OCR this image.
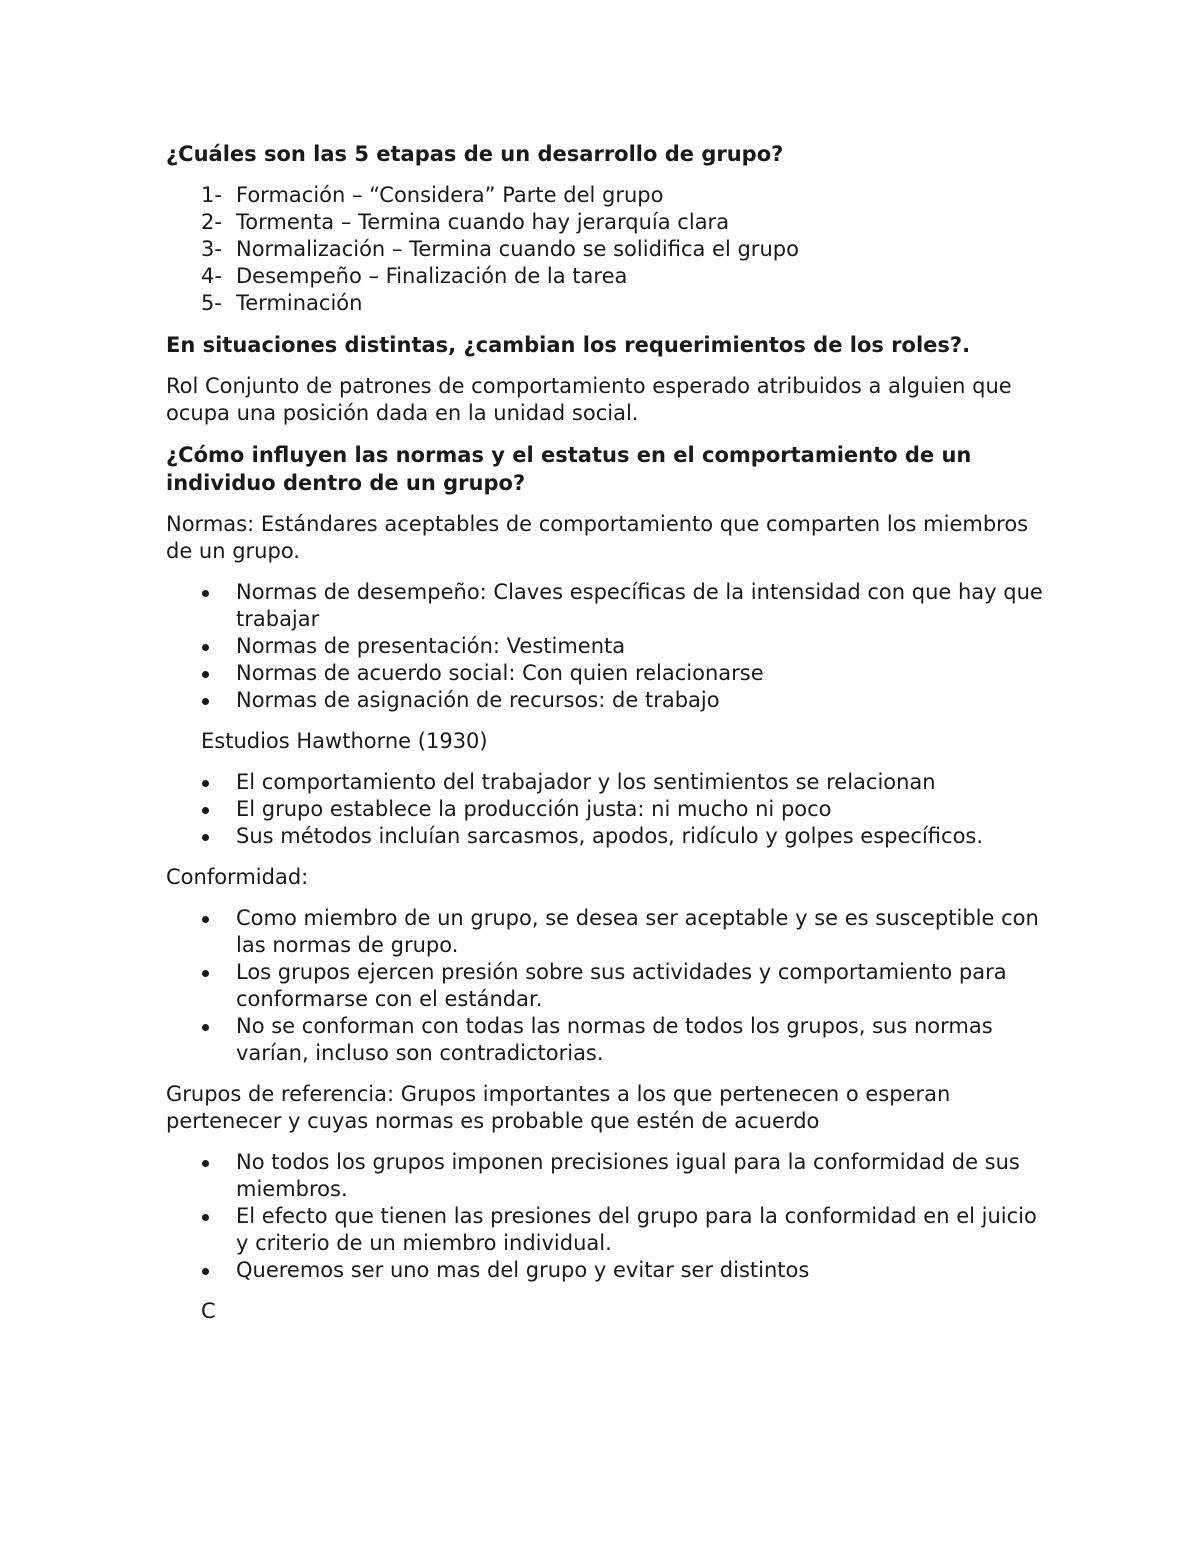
¿Cuáles son las 5 etapas de un desarrollo de grupo?

1- Formación – “Considera” Parte del grupo
2- Tormenta – Termina cuando hay jerarquía clara
3- Normalización – Termina cuando se solidifica el grupo
4- Desempeño – Finalización de la tarea
5- Terminación

En situaciones distintas, ¿cambian los requerimientos de los roles?.

Rol Conjunto de patrones de comportamiento esperado atribuidos a alguien que ocupa una posición dada en la unidad social.

¿Cómo influyen las normas y el estatus en el comportamiento de un individuo dentro de un grupo?

Normas: Estándares aceptables de comportamiento que comparten los miembros de un grupo.

Normas de desempeño: Claves específicas de la intensidad con que hay que trabajar
Normas de presentación: Vestimenta
Normas de acuerdo social: Con quien relacionarse
Normas de asignación de recursos: de trabajo

Estudios Hawthorne (1930)

El comportamiento del trabajador y los sentimientos se relacionan
El grupo establece la producción justa: ni mucho ni poco
Sus métodos incluían sarcasmos, apodos, ridículo y golpes específicos.

Conformidad:

Como miembro de un grupo, se desea ser aceptable y se es susceptible con las normas de grupo.
Los grupos ejercen presión sobre sus actividades y comportamiento para conformarse con el estándar.
No se conforman con todas las normas de todos los grupos, sus normas varían, incluso son contradictorias.

Grupos de referencia: Grupos importantes a los que pertenecen o esperan pertenecer y cuyas normas es probable que estén de acuerdo

No todos los grupos imponen precisiones igual para la conformidad de sus miembros.
El efecto que tienen las presiones del grupo para la conformidad en el juicio y criterio de un miembro individual.
Queremos ser uno mas del grupo y evitar ser distintos

C
